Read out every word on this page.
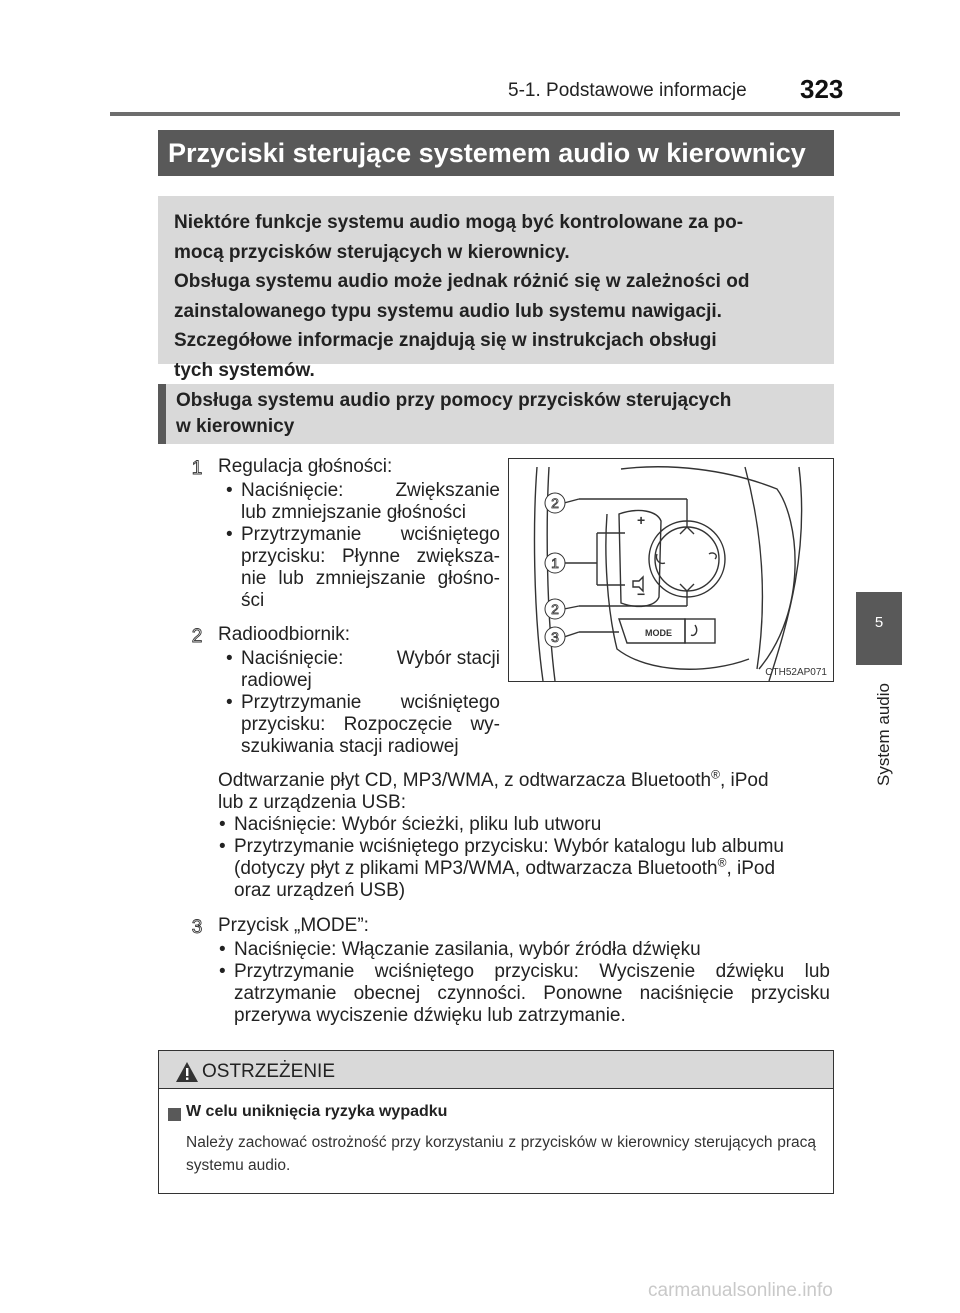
5-1. Podstawowe informacje 323
5
System audio
Przyciski sterujące systemem audio w kierownicy

Niektóre funkcje systemu audio mogą być kontrolowane za po-

mocą przycisków sterujących w kierownicy.

Obsługa systemu audio może jednak różnić się w zależności od

zainstalowanego typu systemu audio lub systemu nawigacji.

Szczegółowe informacje znajdują się w instrukcjach obsługi

tych systemów.

Obsługa systemu audio przy pomocy przycisków sterujących
w kierownicy
1 Regulacja głośności:
• Naciśnięcie:	Zwiększanie
lub zmniejszanie głośności
• Przytrzymanie wciśniętego
przycisku: Płynne zwiększa-
nie lub zmniejszanie głośno-
ści
2 Radioodbiornik:
• Naciśnięcie:	Wybór stacji
radiowej
• Przytrzymanie wciśniętego
przycisku: Rozpoczęcie wy-
szukiwania stacji radiowej
Odtwarzanie płyt CD, MP3/WMA, z odtwarzacza Bluetooth®, iPod
lub z urządzenia USB:
• Naciśnięcie: Wybór ścieżki, pliku lub utworu
• Przytrzymanie wciśniętego przycisku: Wybór katalogu lub albumu
(dotyczy płyt z plikami MP3/WMA, odtwarzacza Bluetooth®, iPod
oraz urządzeń USB)
3 Przycisk „MODE”:
• Naciśnięcie: Włączanie zasilania, wybór źródła dźwięku
• Przytrzymanie wciśniętego przycisku: Wyciszenie dźwięku lub
zatrzymanie obecnej czynności. Ponowne naciśnięcie przycisku
przerywa wyciszenie dźwięku lub zatrzymanie.
+
−
MODE
2
1
2
3
CTH52AP071
OSTRZEŻENIE
W celu uniknięcia ryzyka wypadku
Należy zachować ostrożność przy korzystaniu z przycisków w kierownicy sterujących pracą systemu audio.
carmanualsonline.info
